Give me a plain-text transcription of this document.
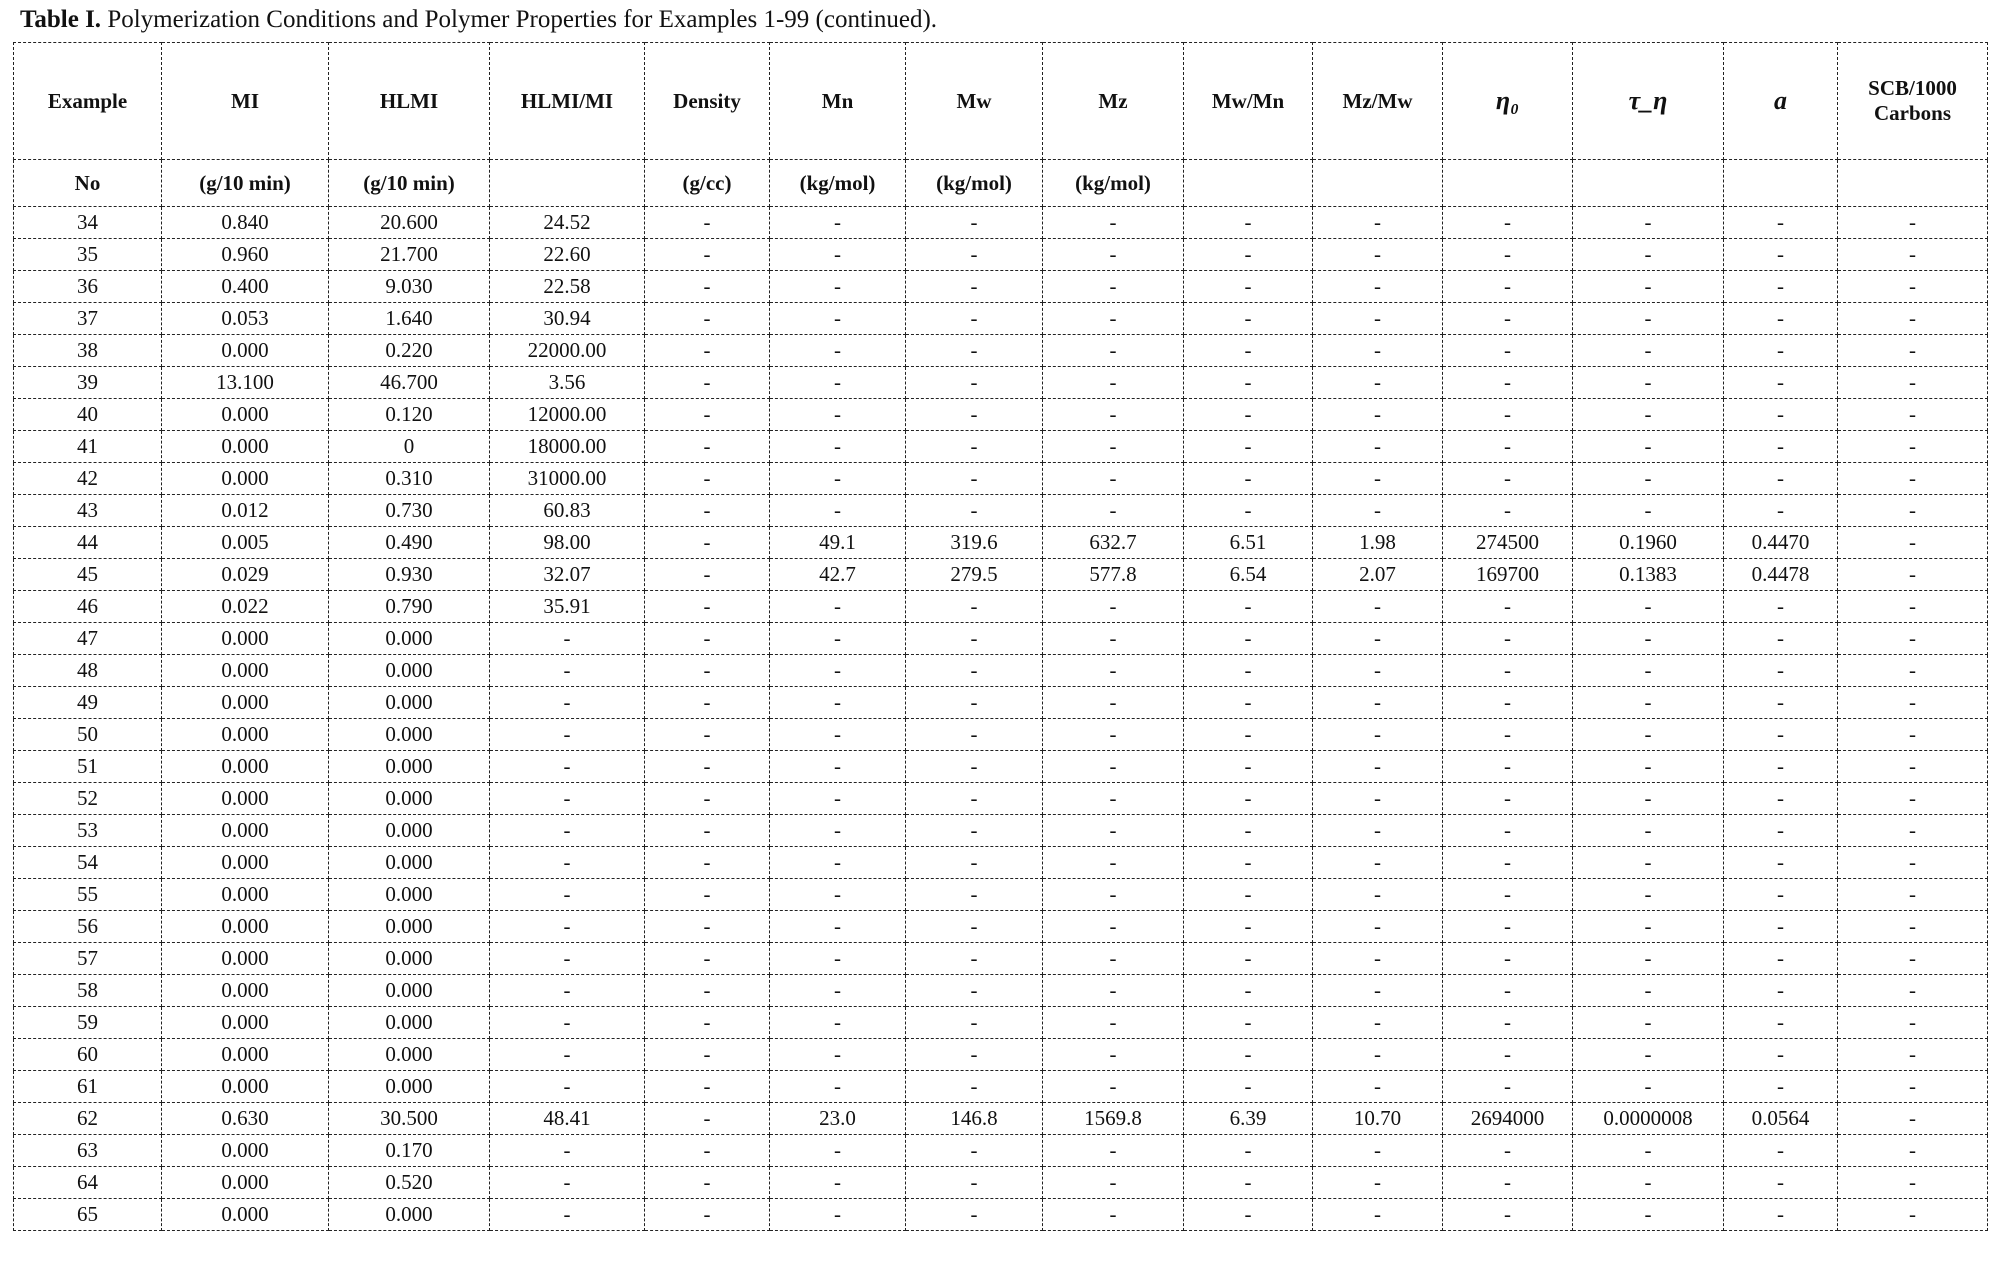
Table I. Polymerization Conditions and Polymer Properties for Examples 1-99 (continued).
Example	MI	HLMI	HLMI/MI	Density	Mn	Mw	Mz	Mw/Mn	Mz/Mw	η₀	τ_η	a	SCB/1000 Carbons
No	(g/10 min)	(g/10 min)		(g/cc)	(kg/mol)	(kg/mol)	(kg/mol)						
34	0.840	20.600	24.52	-	-	-	-	-	-	-	-	-	-
35	0.960	21.700	22.60	-	-	-	-	-	-	-	-	-	-
36	0.400	9.030	22.58	-	-	-	-	-	-	-	-	-	-
37	0.053	1.640	30.94	-	-	-	-	-	-	-	-	-	-
38	0.000	0.220	22000.00	-	-	-	-	-	-	-	-	-	-
39	13.100	46.700	3.56	-	-	-	-	-	-	-	-	-	-
40	0.000	0.120	12000.00	-	-	-	-	-	-	-	-	-	-
41	0.000	0	18000.00	-	-	-	-	-	-	-	-	-	-
42	0.000	0.310	31000.00	-	-	-	-	-	-	-	-	-	-
43	0.012	0.730	60.83	-	-	-	-	-	-	-	-	-	-
44	0.005	0.490	98.00	-	49.1	319.6	632.7	6.51	1.98	274500	0.1960	0.4470	-
45	0.029	0.930	32.07	-	42.7	279.5	577.8	6.54	2.07	169700	0.1383	0.4478	-
46	0.022	0.790	35.91	-	-	-	-	-	-	-	-	-	-
47	0.000	0.000	-	-	-	-	-	-	-	-	-	-	-
48	0.000	0.000	-	-	-	-	-	-	-	-	-	-	-
49	0.000	0.000	-	-	-	-	-	-	-	-	-	-	-
50	0.000	0.000	-	-	-	-	-	-	-	-	-	-	-
51	0.000	0.000	-	-	-	-	-	-	-	-	-	-	-
52	0.000	0.000	-	-	-	-	-	-	-	-	-	-	-
53	0.000	0.000	-	-	-	-	-	-	-	-	-	-	-
54	0.000	0.000	-	-	-	-	-	-	-	-	-	-	-
55	0.000	0.000	-	-	-	-	-	-	-	-	-	-	-
56	0.000	0.000	-	-	-	-	-	-	-	-	-	-	-
57	0.000	0.000	-	-	-	-	-	-	-	-	-	-	-
58	0.000	0.000	-	-	-	-	-	-	-	-	-	-	-
59	0.000	0.000	-	-	-	-	-	-	-	-	-	-	-
60	0.000	0.000	-	-	-	-	-	-	-	-	-	-	-
61	0.000	0.000	-	-	-	-	-	-	-	-	-	-	-
62	0.630	30.500	48.41	-	23.0	146.8	1569.8	6.39	10.70	2694000	0.0000008	0.0564	-
63	0.000	0.170	-	-	-	-	-	-	-	-	-	-	-
64	0.000	0.520	-	-	-	-	-	-	-	-	-	-	-
65	0.000	0.000	-	-	-	-	-	-	-	-	-	-	-
